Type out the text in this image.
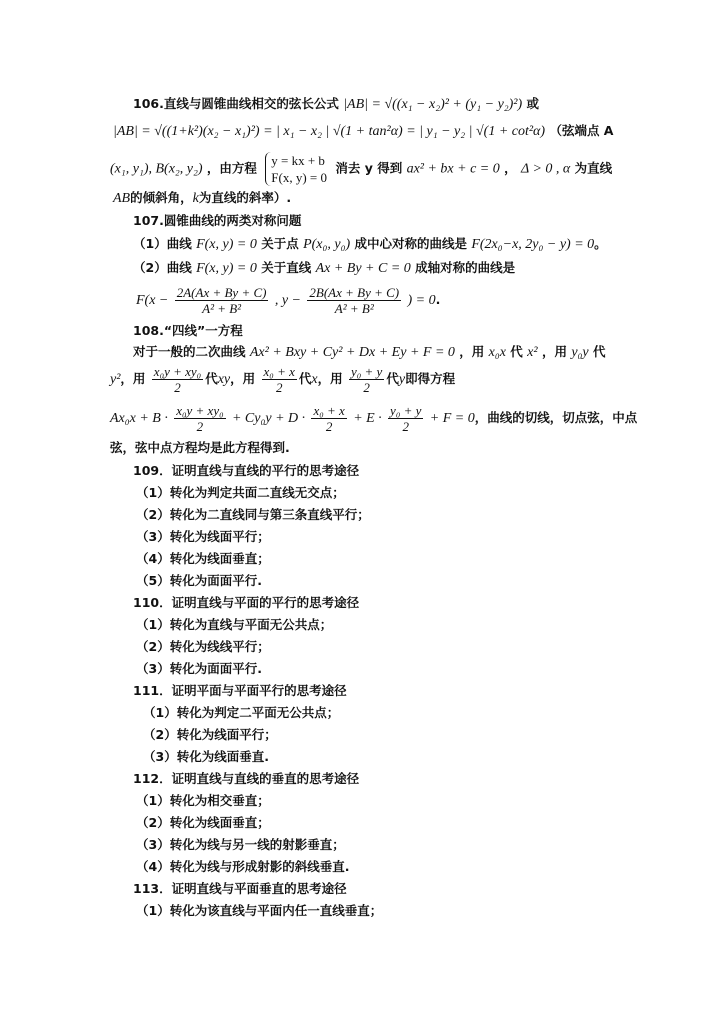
106.直线与圆锥曲线相交的弦长公式 |AB| = √((x₁ − x₂)² + (y₁ − y₂)²) 或
|AB| = √((1+k²)(x₂ − x₁)²) = | x₁ − x₂ | √(1 + tan²α) = | y₁ − y₂ | √(1 + cot²α) （弦端点 A
(x₁, y₁), B(x₂, y₂) ，由方程 y = kx + b
F(x, y) = 0
消去 y 得到 ax² + bx + c = 0 ， Δ > 0 , α 为直线
AB的倾斜角，k为直线的斜率）.
107.圆锥曲线的两类对称问题
（1）曲线 F(x, y) = 0 关于点 P(x₀, y₀) 成中心对称的曲线是 F(2x₀−x, 2y₀ − y) = 0。
（2）曲线 F(x, y) = 0 关于直线 Ax + By + C = 0 成轴对称的曲线是
$F(x - \frac{2A(Ax + By + C)}{\text{A² + B²}}$ , $y - \frac{2B(Ax + By + C)}{\text{A² + B²}}$ ) = 0.
108.“四线”一方程
对于一般的二次曲线 Ax² + Bxy + Cy² + Dx + Ey + F = 0 ，用 x₀x 代 x² ，用 y₀y 代
y²，用 $\frac{\text{x₀y + xy₀}}{2}$ 代xy，用 $\frac{\text{x₀ + x}}{2}$ 代x，用 $\frac{\text{y₀ + y}}{2}$ 代y即得方程
$Ax_0x + B \cdot \frac{\text{x₀y + xy₀}}{2} + Cy_0y + D \cdot \frac{\text{x₀ + x}}{2} + E \cdot \frac{\text{y₀ + y}}{2} + F = 0$，曲线的切线，切点弦，中点
弦，弦中点方程均是此方程得到.
109．证明直线与直线的平行的思考途径
（1）转化为判定共面二直线无交点；
（2）转化为二直线同与第三条直线平行；
（3）转化为线面平行；
（4）转化为线面垂直；
（5）转化为面面平行.
110．证明直线与平面的平行的思考途径
（1）转化为直线与平面无公共点；
（2）转化为线线平行；
（3）转化为面面平行.
111．证明平面与平面平行的思考途径
（1）转化为判定二平面无公共点；
（2）转化为线面平行；
（3）转化为线面垂直.
112．证明直线与直线的垂直的思考途径
（1）转化为相交垂直；
（2）转化为线面垂直；
（3）转化为线与另一线的射影垂直；
（4）转化为线与形成射影的斜线垂直.
113．证明直线与平面垂直的思考途径
（1）转化为该直线与平面内任一直线垂直；
